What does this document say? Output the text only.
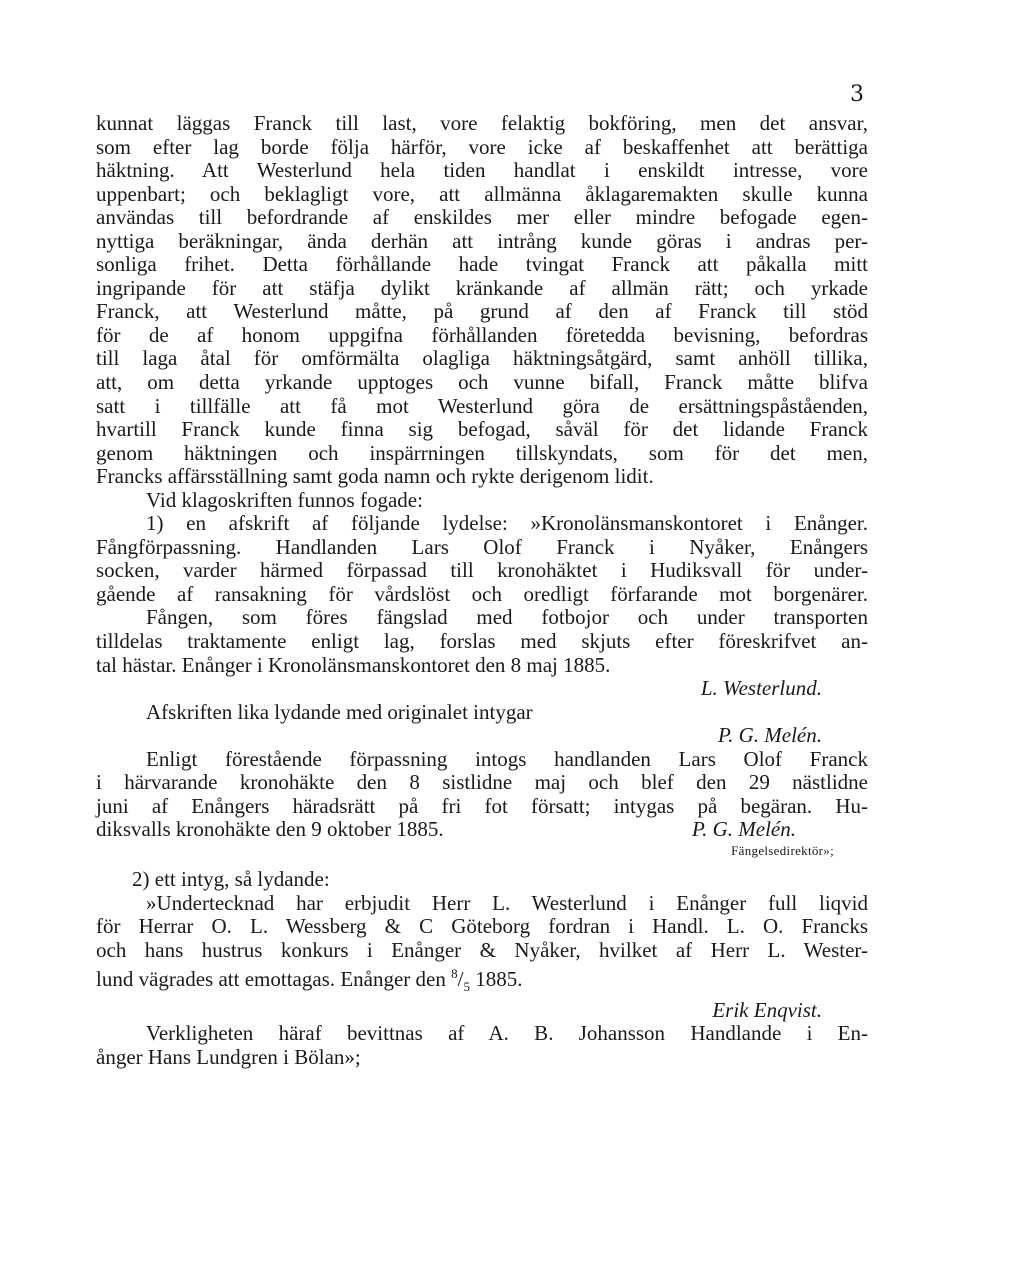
3
kunnat läggas Franck till last, vore felaktig bokföring, men det ansvar,
som efter lag borde följa härför, vore icke af beskaffenhet att berättiga
häktning. Att Westerlund hela tiden handlat i enskildt intresse, vore
uppenbart; och beklagligt vore, att allmänna åklagaremakten skulle kunna
användas till befordrande af enskildes mer eller mindre befogade egen-
nyttiga beräkningar, ända derhän att intrång kunde göras i andras per-
sonliga frihet. Detta förhållande hade tvingat Franck att påkalla mitt
ingripande för att stäfja dylikt kränkande af allmän rätt; och yrkade
Franck, att Westerlund måtte, på grund af den af Franck till stöd
för de af honom uppgifna förhållanden företedda bevisning, befordras
till laga åtal för omförmälta olagliga häktningsåtgärd, samt anhöll tillika,
att, om detta yrkande upptoges och vunne bifall, Franck måtte blifva
satt i tillfälle att få mot Westerlund göra de ersättningspåståenden,
hvartill Franck kunde finna sig befogad, såväl för det lidande Franck
genom häktningen och inspärrningen tillskyndats, som för det men,
Francks affärsställning samt goda namn och rykte derigenom lidit.
Vid klagoskriften funnos fogade:
1) en afskrift af följande lydelse: »Kronolänsmanskontoret i Enånger.
Fångförpassning. Handlanden Lars Olof Franck i Nyåker, Enångers
socken, varder härmed förpassad till kronohäktet i Hudiksvall för under-
gående af ransakning för vårdslöst och oredligt förfarande mot borgenärer.
Fången, som föres fängslad med fotbojor och under transporten
tilldelas traktamente enligt lag, forslas med skjuts efter föreskrifvet an-
tal hästar. Enånger i Kronolänsmanskontoret den 8 maj 1885.
L. Westerlund.
Afskriften lika lydande med originalet intygar
P. G. Melén.
Enligt förestående förpassning intogs handlanden Lars Olof Franck
i härvarande kronohäkte den 8 sistlidne maj och blef den 29 nästlidne
juni af Enångers häradsrätt på fri fot försatt; intygas på begäran. Hu-
diksvalls kronohäkte den 9 oktober 1885.	P. G. Melén.
Fängelsedirektör»;
2) ett intyg, så lydande:
»Undertecknad har erbjudit Herr L. Westerlund i Enånger full liqvid
för Herrar O. L. Wessberg & C Göteborg fordran i Handl. L. O. Francks
och hans hustrus konkurs i Enånger & Nyåker, hvilket af Herr L. Wester-
lund vägrades att emottagas. Enånger den $^8/_5$ 1885.
Erik Enqvist.
Verkligheten häraf bevittnas af A. B. Johansson Handlande i En-
ånger Hans Lundgren i Bölan»;
